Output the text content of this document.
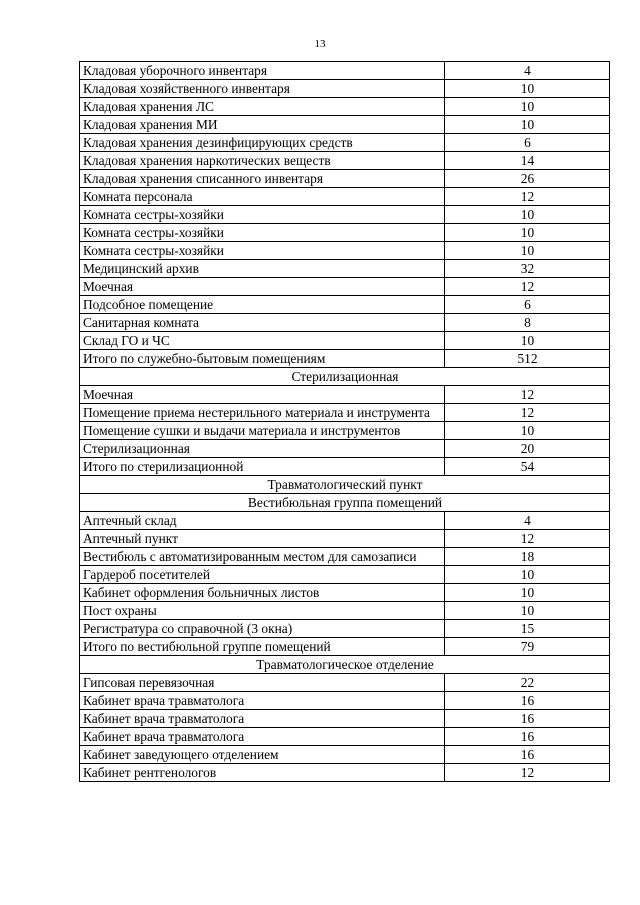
13
Кладовая уборочного инвентаря	4
Кладовая хозяйственного инвентаря	10
Кладовая хранения ЛС	10
Кладовая хранения МИ	10
Кладовая хранения дезинфицирующих средств	6
Кладовая хранения наркотических веществ	14
Кладовая хранения списанного инвентаря	26
Комната персонала	12
Комната сестры-хозяйки	10
Комната сестры-хозяйки	10
Комната сестры-хозяйки	10
Медицинский архив	32
Моечная	12
Подсобное помещение	6
Санитарная комната	8
Склад ГО и ЧС	10
Итого по служебно-бытовым помещениям	512
Стерилизационная	
Моечная	12
Помещение приема нестерильного материала и инструмента	12
Помещение сушки и выдачи материала и инструментов	10
Стерилизационная	20
Итого по стерилизационной	54
Травматологический пункт	
Вестибюльная группа помещений	
Аптечный склад	4
Аптечный пункт	12
Вестибюль с автоматизированным местом для самозаписи	18
Гардероб посетителей	10
Кабинет оформления больничных листов	10
Пост охраны	10
Регистратура со справочной (3 окна)	15
Итого по вестибюльной группе помещений	79
Травматологическое отделение	
Гипсовая перевязочная	22
Кабинет врача травматолога	16
Кабинет врача травматолога	16
Кабинет врача травматолога	16
Кабинет заведующего отделением	16
Кабинет рентгенологов	12
